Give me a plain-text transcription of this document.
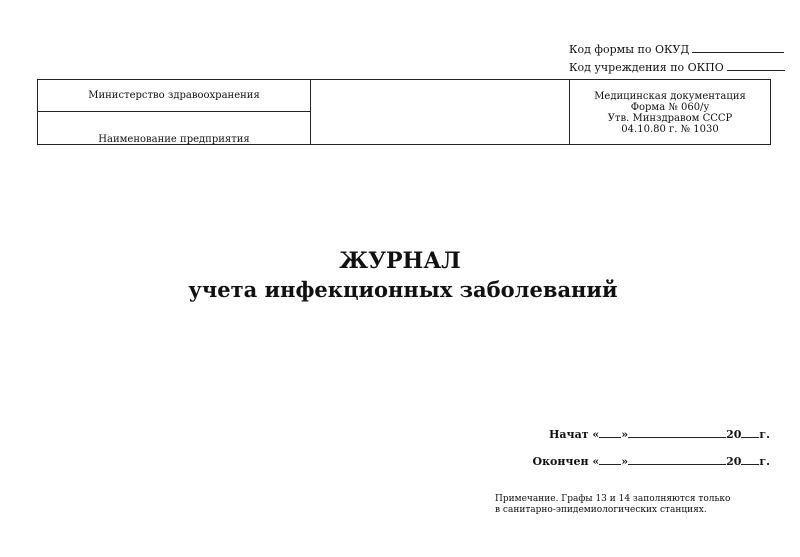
Код формы по ОКУД
Код учреждения по ОКПО
Министерство здравоохранения
Наименование предприятия
Медицинская документация
Форма № 060/у
Утв. Минздравом СССР
04.10.80 г. № 1030
ЖУРНАЛ
учета инфекционных заболеваний
Начат « »	20 г.
Окончен « »	20 г.
Примечание. Графы 13 и 14 заполняются только
в санитарно-эпидемиологических станциях.
